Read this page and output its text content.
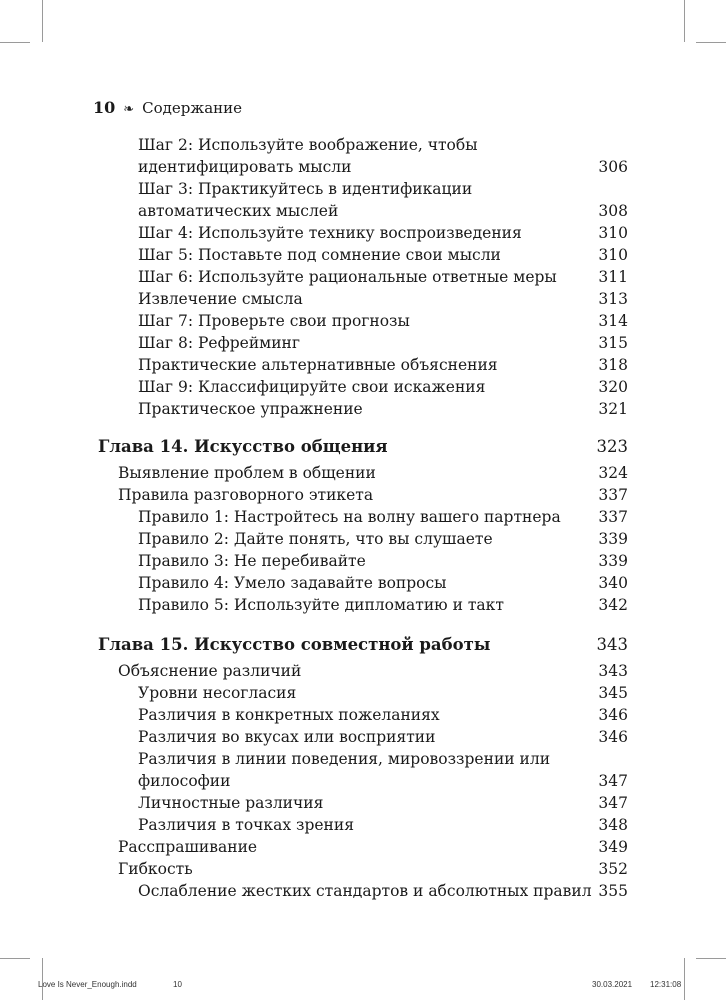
10 ❧ Содержание
Шаг 2: Используйте воображение, чтобы
идентифицировать мысли	306
Шаг 3: Практикуйтесь в идентификации
автоматических мыслей	308
Шаг 4: Используйте технику воспроизведения	310
Шаг 5: Поставьте под сомнение свои мысли	310
Шаг 6: Используйте рациональные ответные меры	311
Извлечение смысла	313
Шаг 7: Проверьте свои прогнозы	314
Шаг 8: Рефрейминг	315
Практические альтернативные объяснения	318
Шаг 9: Классифицируйте свои искажения	320
Практическое упражнение	321
Глава 14. Искусство общения	323
Выявление проблем в общении	324
Правила разговорного этикета	337
Правило 1: Настройтесь на волну вашего партнера 337
Правило 2: Дайте понять, что вы слушаете	339
Правило 3: Не перебивайте	339
Правило 4: Умело задавайте вопросы	340
Правило 5: Используйте дипломатию и такт	342
Глава 15. Искусство совместной работы	343
Объяснение различий	343
Уровни несогласия	345
Различия в конкретных пожеланиях	346
Различия во вкусах или восприятии	346
Различия в линии поведения, мировоззрении или
философии	347
Личностные различия	347
Различия в точках зрения	348
Расспрашивание	349
Гибкость	352
Ослабление жестких стандартов и абсолютных правил 355
Love Is Never_Enough.indd	10	30.03.2021 12:31:08
